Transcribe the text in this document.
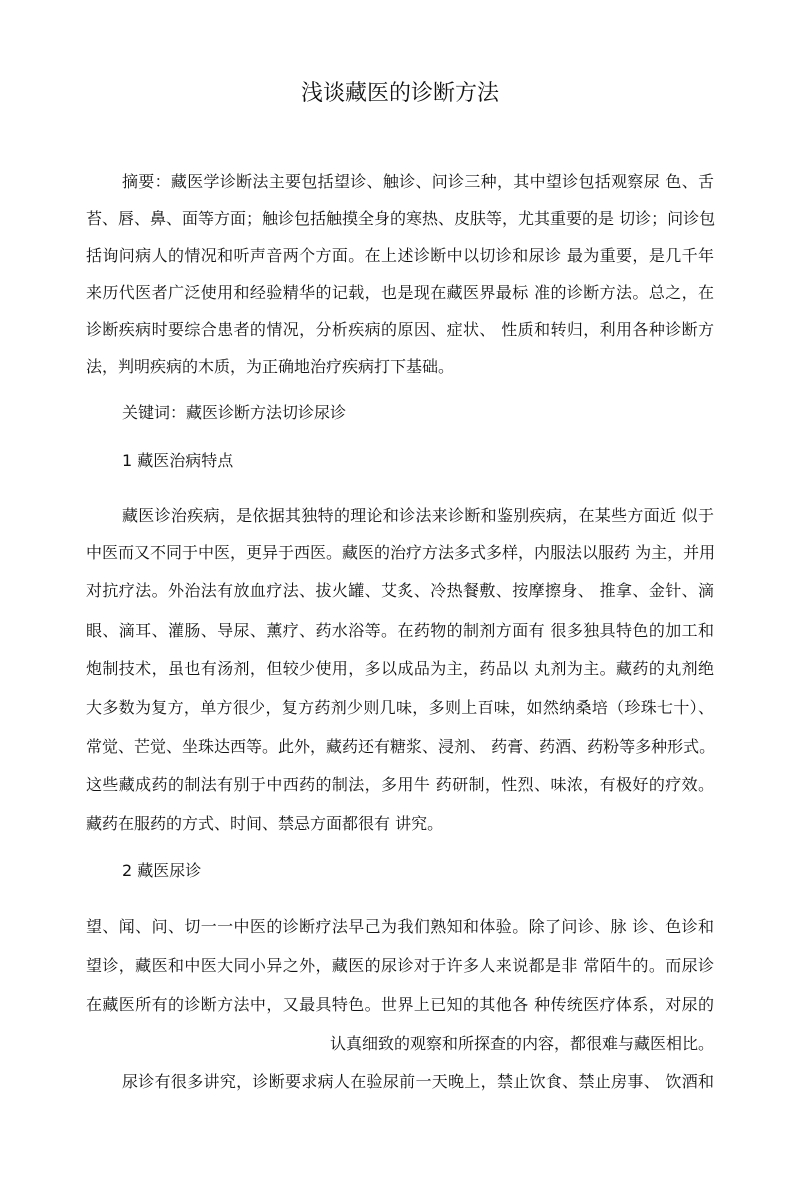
浅谈藏医的诊断方法
摘要：藏医学诊断法主要包括望诊、触诊、问诊三种，其中望诊包括观察尿 色、舌
苔、唇、鼻、面等方面；触诊包括触摸全身的寒热、皮肤等，尤其重要的是 切诊；问诊包
括询问病人的情况和听声音两个方面。在上述诊断中以切诊和尿诊 最为重要，是几千年
来历代医者广泛使用和经验精华的记载，也是现在藏医界最标 准的诊断方法。总之，在
诊断疾病时要综合患者的情况，分析疾病的原因、症状、 性质和转归，利用各种诊断方
法，判明疾病的木质，为正确地治疗疾病打下基础。
关键词：藏医诊断方法切诊尿诊
1 藏医治病特点
藏医诊治疾病，是依据其独特的理论和诊法来诊断和鉴别疾病，在某些方面近 似于
中医而又不同于中医，更异于西医。藏医的治疗方法多式多样，内服法以服药 为主，并用
对抗疗法。外治法有放血疗法、拔火罐、艾炙、冷热餐敷、按摩擦身、 推拿、金针、滴
眼、滴耳、灌肠、导尿、薰疗、药水浴等。在药物的制剂方面有 很多独具特色的加工和
炮制技术，虽也有汤剂，但较少使用，多以成品为主，药品以 丸剂为主。藏药的丸剂绝
大多数为复方，单方很少，复方药剂少则几味，多则上百味，如然纳桑培（珍珠七十）、
常觉、芒觉、坐珠达西等。此外，藏药还有糖浆、浸剂、 药膏、药酒、药粉等多种形式。
这些藏成药的制法有别于中西药的制法，多用牛 药研制，性烈、味浓，有极好的疗效。
藏药在服药的方式、时间、禁忌方面都很有 讲究。
2 藏医尿诊
望、闻、问、切一一中医的诊断疗法早己为我们熟知和体验。除了问诊、脉 诊、色诊和
望诊，藏医和中医大同小异之外，藏医的尿诊对于许多人来说都是非 常陌牛的。而尿诊
在藏医所有的诊断方法中，又最具特色。世界上已知的其他各 种传统医疗体系，对尿的
认真细致的观察和所探查的内容，都很难与藏医相比。
尿诊有很多讲究，诊断要求病人在验尿前一天晚上，禁止饮食、禁止房事、 饮酒和
